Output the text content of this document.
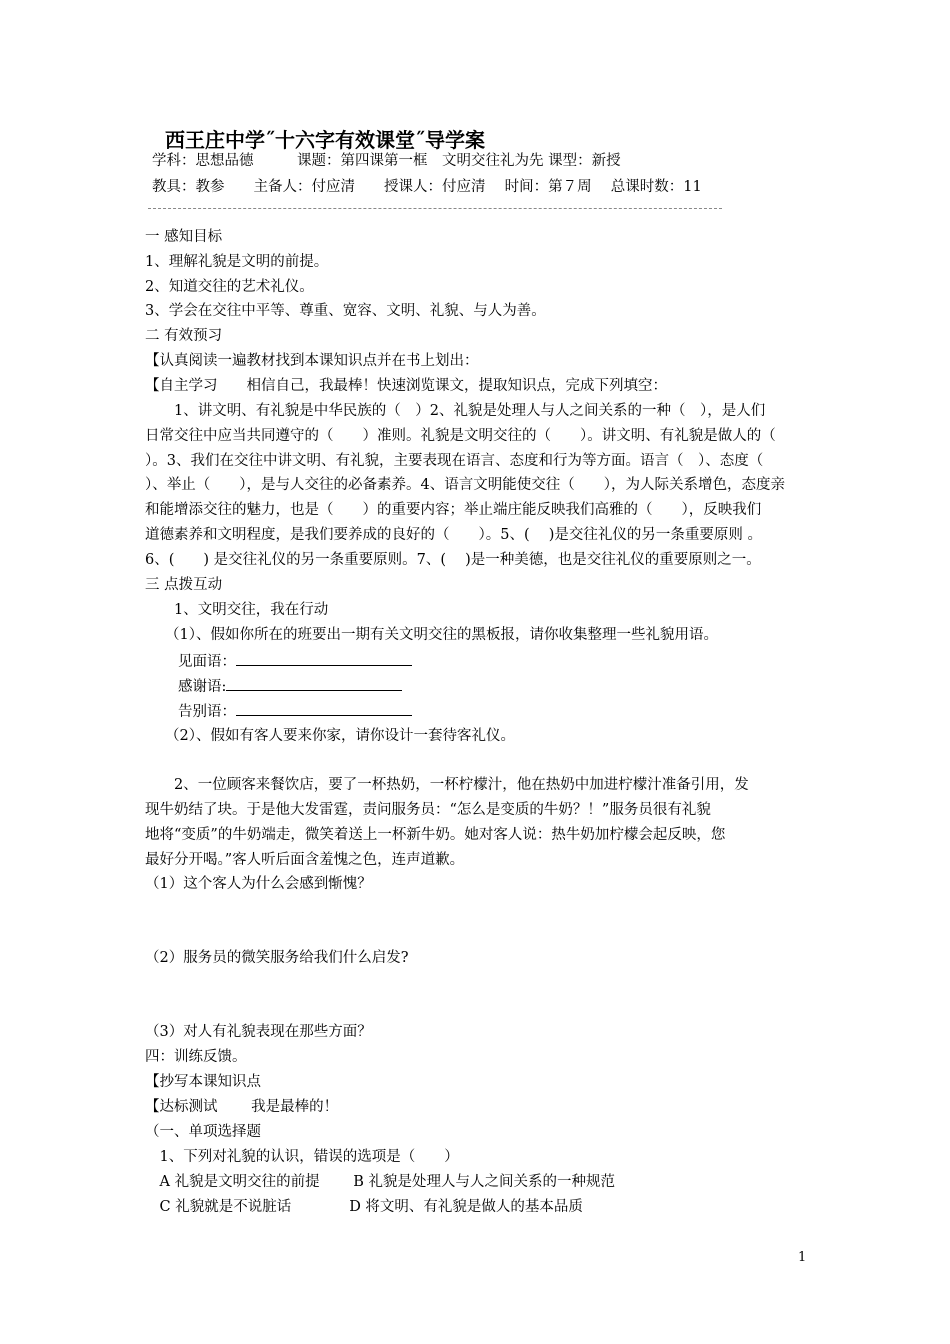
西王庄中学˝十六字有效课堂˝导学案
学科：思想品德　　　课题：第四课第一框　文明交往礼为先 课型：新授
教具：教参　　主备人：付应清　　授课人：付应清　 时间：第７周　 总课时数：11
一 感知目标
1、理解礼貌是文明的前提。
2、知道交往的艺术礼仪。
3、学会在交往中平等、尊重、宽容、文明、礼貌、与人为善。
二 有效预习
【认真阅读一遍教材找到本课知识点并在书上划出：
【自主学习　　相信自己，我最棒！快速浏览课文，提取知识点，完成下列填空：
　　1、讲文明、有礼貌是中华民族的（　）2、礼貌是处理人与人之间关系的一种（　），是人们
日常交往中应当共同遵守的（　　）准则。礼貌是文明交往的（　　）。讲文明、有礼貌是做人的（
）。3、我们在交往中讲文明、有礼貌，主要表现在语言、态度和行为等方面。语言（　）、态度（
）、举止（　　），是与人交往的必备素养。4、语言文明能使交往（　　），为人际关系增色，态度亲
和能增添交往的魅力，也是（　　）的重要内容；举止端庄能反映我们高雅的（　　），反映我们
道德素养和文明程度，是我们要养成的良好的（　　）。5、(　 )是交往礼仪的另一条重要原则 。
6、(　　) 是交往礼仪的另一条重要原则。7、(　 )是一种美德，也是交往礼仪的重要原则之一。
三 点拨互动
　　1、文明交往，我在行动
（1）、假如你所在的班要出一期有关文明交往的黑板报，请你收集整理一些礼貌用语。
见面语：
感谢语:
告别语：
（2）、假如有客人要来你家，请你设计一套待客礼仪。
　　2、一位顾客来餐饮店，要了一杯热奶，一杯柠檬汁，他在热奶中加进柠檬汁准备引用，发
现牛奶结了块。于是他大发雷霆，责问服务员：“怎么是变质的牛奶？！”服务员很有礼貌
地将“变质”的牛奶端走，微笑着送上一杯新牛奶。她对客人说：热牛奶加柠檬会起反映，您
最好分开喝。”客人听后面含羞愧之色，连声道歉。
（1）这个客人为什么会感到惭愧？
（2）服务员的微笑服务给我们什么启发?
（3）对人有礼貌表现在那些方面？
四：训练反馈。
【抄写本课知识点
【达标测试　　 我是最棒的！
（一、单项选择题
　1、下列对礼貌的认识，错误的选项是（　　）
　A 礼貌是文明交往的前提　　 B 礼貌是处理人与人之间关系的一种规范
　C 礼貌就是不说脏话　　　　D 将文明、有礼貌是做人的基本品质
1
